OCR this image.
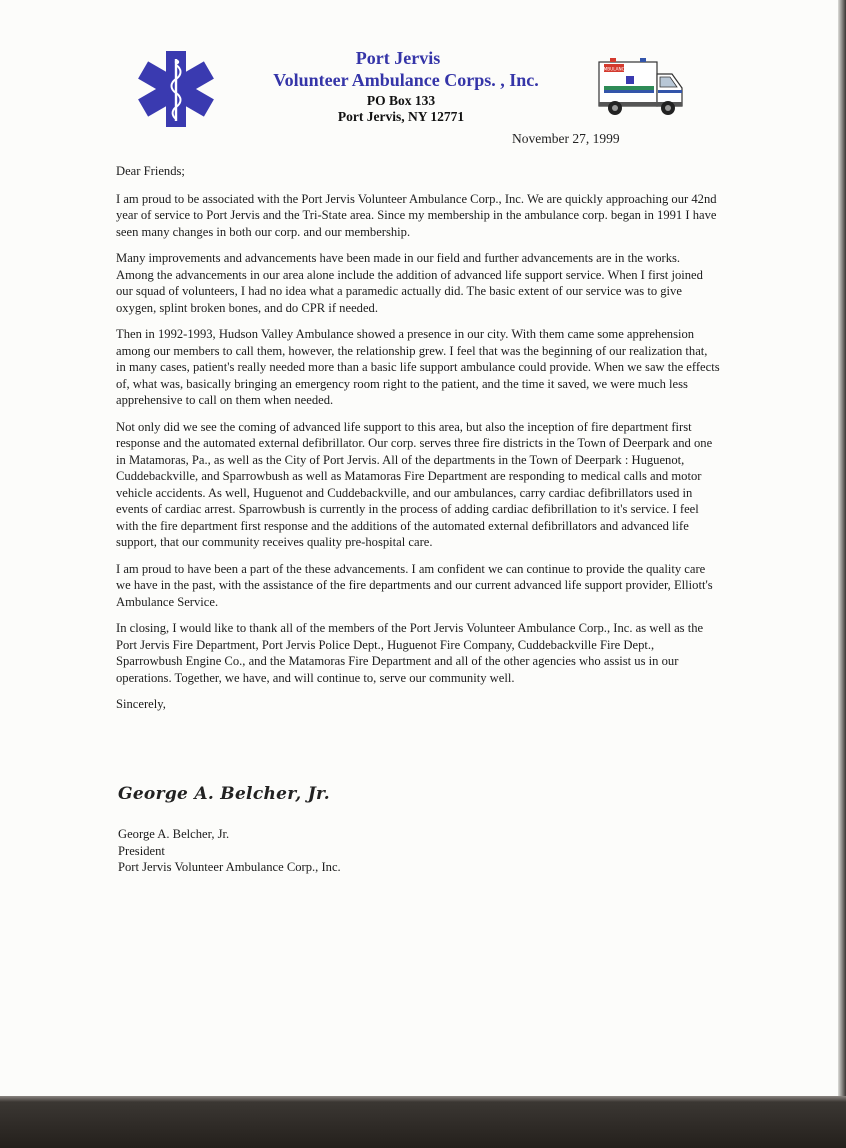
Port Jervis
Volunteer Ambulance Corps. , Inc.
PO Box 133
Port Jervis, NY 12771
AMBULANCE
November 27, 1999

Dear Friends;

I am proud to be associated with the Port Jervis Volunteer Ambulance Corp., Inc. We are quickly approaching our 42nd year of service to Port Jervis and the Tri-State area. Since my membership in the ambulance corp. began in 1991 I have seen many changes in both our corp. and our membership.

Many improvements and advancements have been made in our field and further advancements are in the works. Among the advancements in our area alone include the addition of advanced life support service. When I first joined our squad of volunteers, I had no idea what a paramedic actually did. The basic extent of our service was to give oxygen, splint broken bones, and do CPR if needed.

Then in 1992-1993, Hudson Valley Ambulance showed a presence in our city. With them came some apprehension among our members to call them, however, the relationship grew. I feel that was the beginning of our realization that, in many cases, patient's really needed more than a basic life support ambulance could provide. When we saw the effects of, what was, basically bringing an emergency room right to the patient, and the time it saved, we were much less apprehensive to call on them when needed.

Not only did we see the coming of advanced life support to this area, but also the inception of fire department first response and the automated external defibrillator. Our corp. serves three fire districts in the Town of Deerpark and one in Matamoras, Pa., as well as the City of Port Jervis. All of the departments in the Town of Deerpark : Huguenot, Cuddebackville, and Sparrowbush as well as Matamoras Fire Department are responding to medical calls and motor vehicle accidents. As well, Huguenot and Cuddebackville, and our ambulances, carry cardiac defibrillators used in events of cardiac arrest. Sparrowbush is currently in the process of adding cardiac defibrillation to it's service. I feel with the fire department first response and the additions of the automated external defibrillators and advanced life support, that our community receives quality pre-hospital care.

I am proud to have been a part of the these advancements. I am confident we can continue to provide the quality care we have in the past, with the assistance of the fire departments and our current advanced life support provider, Elliott's Ambulance Service.

In closing, I would like to thank all of the members of the Port Jervis Volunteer Ambulance Corp., Inc. as well as the Port Jervis Fire Department, Port Jervis Police Dept., Huguenot Fire Company, Cuddebackville Fire Dept., Sparrowbush Engine Co., and the Matamoras Fire Department and all of the other agencies who assist us in our operations. Together, we have, and will continue to, serve our community well.

Sincerely,

George A. Belcher, Jr.
George A. Belcher, Jr.
President
Port Jervis Volunteer Ambulance Corp., Inc.
